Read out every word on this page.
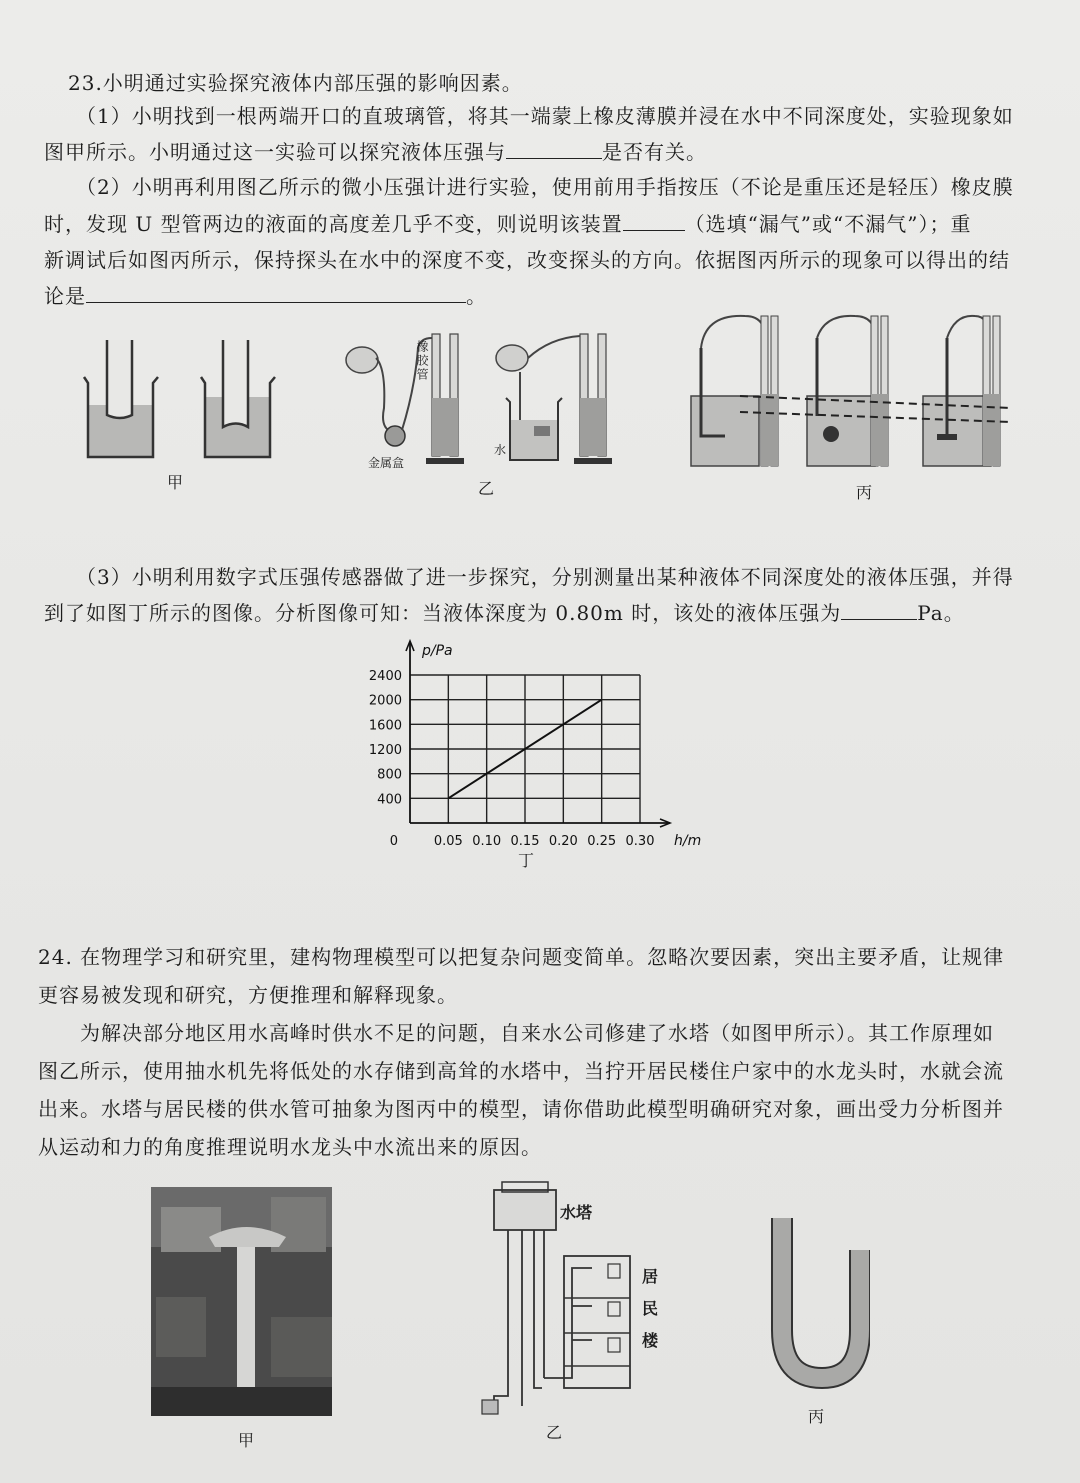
23.小明通过实验探究液体内部压强的影响因素。
（1）小明找到一根两端开口的直玻璃管，将其一端蒙上橡皮薄膜并浸在水中不同深度处，实验现象如
图甲所示。小明通过这一实验可以探究液体压强与	是否有关。
（2）小明再利用图乙所示的微小压强计进行实验，使用前用手指按压（不论是重压还是轻压）橡皮膜
时，发现 U 型管两边的液面的高度差几乎不变，则说明该装置	（选填“漏气”或“不漏气”）；重
新调试后如图丙所示，保持探头在水中的深度不变，改变探头的方向。依据图丙所示的现象可以得出的结
论是	。
甲
橡胶管
金属盒
水
乙	丙
（3）小明利用数字式压强传感器做了进一步探究，分别测量出某种液体不同深度处的液体压强，并得
到了如图丁所示的图像。分析图像可知：当液体深度为 0.80m 时，该处的液体压强为	Pa。
0.05 0.10 0.15 0.20 0.25 0.30
400
800
1200
1600
2000
2400
0	h/m
p/Pa
丁
24. 在物理学习和研究里，建构物理模型可以把复杂问题变简单。忽略次要因素，突出主要矛盾，让规律
更容易被发现和研究，方便推理和解释现象。
为解决部分地区用水高峰时供水不足的问题，自来水公司修建了水塔（如图甲所示）。其工作原理如
图乙所示，使用抽水机先将低处的水存储到高耸的水塔中，当拧开居民楼住户家中的水龙头时，水就会流
出来。水塔与居民楼的供水管可抽象为图丙中的模型，请你借助此模型明确研究对象，画出受力分析图并
从运动和力的角度推理说明水龙头中水流出来的原因。
甲
水塔
居
民
楼
乙
丙
